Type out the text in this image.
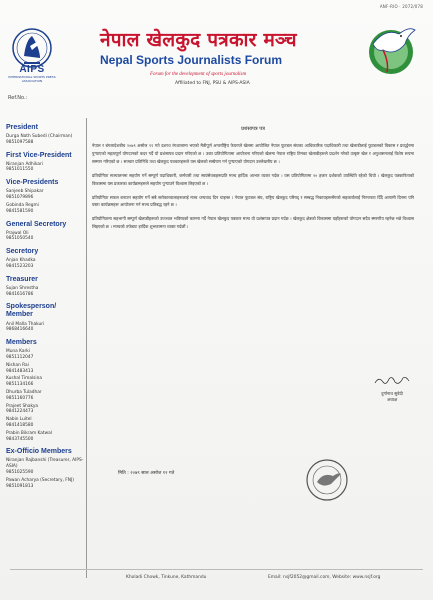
ANF-RIO · 2072/078
AIPS
INTERNATIONAL SPORTS PRESS ASSOCIATION
Ref.No.:
नेपाल खेलकुद पत्रकार मञ्च
Nepal Sports Journalists Forum
Forum for the development of sports journalism
Affiliated to FNJ, PSU & AIPS-ASIA
President
Durga Nath Subedi (Chairman)
9851097588
First Vice-President
Niranjan Adhikari
9851011550
Vice-Presidents
Sanjeeb Shipakar
9851079896
Gobinda Regmi
9841581590
General Secretory
Prajwal Oli
9851050540
Secretory
Anjan Khadka
9841523203
Treasurer
Sujan Shrestha
9841616786
Spokesperson/ Member
Anil Malla Thakuri
9868416640
Members
Muna Karki
9851112047
Nishan Rai
9841483413
Kushal Timalsina
9851134166
Dhurba Tuladhar
9851160776
Prajeet Shakya
9841224473
Nabin Luitel
9841418580
Prabin Bikram Katwal
9843745500
Ex-Officio Members
Niranjan Rajbanshi (Treasurer, AIPS-ASIA)
9851025590
Pawan Acharya (Secretary, FNJ)
9851091813
प्रशंसापत्र पत्र
नेपाल र बंगलादेशबीच २०७९ असोज ११ गते दशरथ रंगशालामा भएको मैत्रीपूर्ण अन्तर्राष्ट्रिय फेयरप्ले खेलमा आयोजित नेपाल फुटबल संघका आधिकारिक पदाधिकारी तथा खेलाडीलाई फुटबलको विकास र प्रवर्द्धनमा पुर्‍याएको महत्वपूर्ण योगदानको कदर गर्दै यो प्रशंसापत्र प्रदान गरिएको छ । उक्त प्रतियोगितामा आयोजना गरिएको खेलमा नेपाल राष्ट्रिय टिमका खेलाडीहरूले प्रदर्शन गरेको उत्कृष्ट खेल र अनुशासनलाई विशेष रूपमा सम्मान गरिएको छ । सञ्चार प्रतिनिधि तथा खेलकुद पत्रकारहरूले यस खेलको सम्प्रेषण गर्न पुर्‍याएको योगदान उल्लेखनीय छ ।
प्रतियोगिता सञ्चालनमा सहयोग गर्ने सम्पूर्ण पदाधिकारी, कर्मचारी तथा स्वयंसेवकहरूप्रति मञ्च हार्दिक आभार व्यक्त गर्दछ । यस प्रतियोगितामा २० हजार दर्शकको उपस्थिति रहेको थियो । खेलकुद पत्रकारिताको विकासमा यस प्रकारका कार्यक्रमहरूले सहयोग पुर्‍याउने विश्वास लिइएको छ ।
प्रतियोगिता सफल बनाउन सहयोग गर्ने सबै सरोकारवालाहरूलाई मञ्च धन्यवाद दिन चाहन्छ । नेपाल फुटबल संघ, राष्ट्रिय खेलकुद परिषद् र सम्बद्ध निकायहरूसँगको सहकार्यलाई निरन्तरता दिँदै आगामी दिनमा पनि यस्ता कार्यक्रमहरू आयोजना गर्न मञ्च प्रतिबद्ध रहने छ ।
प्रतियोगितामा सहभागी सम्पूर्ण खेलाडीहरूको उज्ज्वल भविष्यको कामना गर्दै नेपाल खेलकुद पत्रकार मञ्च यो प्रशंसापत्र प्रदान गर्दछ । खेलकुद क्षेत्रको विकासमा यहाँहरूको योगदान सदैव स्मरणीय रहनेछ भन्ने विश्वास लिइएको छ । मञ्चको तर्फबाट हार्दिक शुभकामना व्यक्त गर्दछौं ।
दुर्गानाथ सुवेदी
अध्यक्ष
मिति : २०७९ साल असोज १२ गते
Kholadi Chowk, Tinkune, Kathmandu	Email: nsjf2052@gmail.com, Website: www.nsjf.org
